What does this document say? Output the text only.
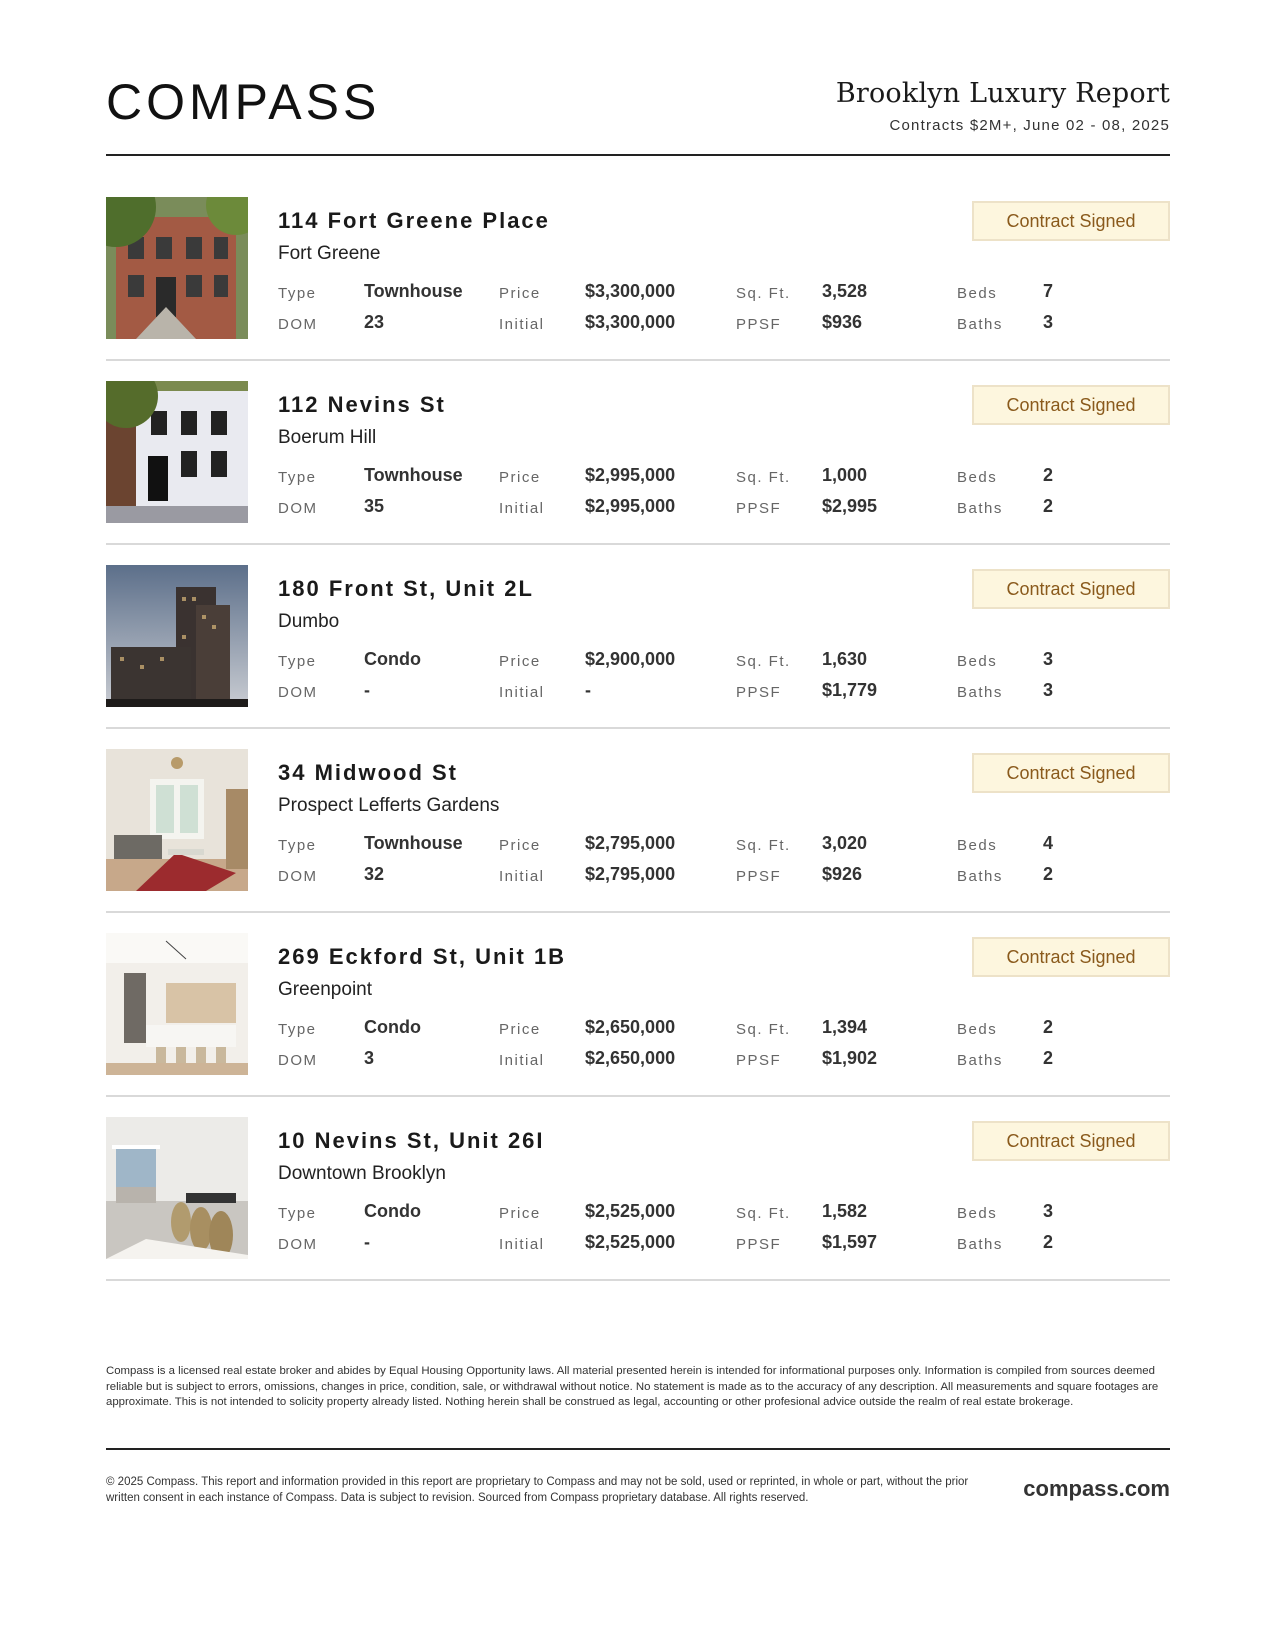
COMPASS	Brooklyn Luxury Report
Contracts $2M+, June 02 - 08, 2025
114 Fort Greene Place
Fort Greene
Contract Signed
Type	Townhouse Price $3,300,000	Sq. Ft. 3,528	Beds	7
DOM	23	Initial $3,300,000	PPSF $936	Baths 3
112 Nevins St
Boerum Hill
Contract Signed
Type	Townhouse Price $2,995,000	Sq. Ft. 1,000	Beds	2
DOM	35	Initial $2,995,000	PPSF $2,995	Baths 2
180 Front St, Unit 2L
Dumbo
Contract Signed
Type	Condo	Price $2,900,000	Sq. Ft. 1,630	Beds	3
DOM	-	Initial -	PPSF $1,779	Baths 3
34 Midwood St
Prospect Lefferts Gardens
Contract Signed
Type	Townhouse Price $2,795,000	Sq. Ft. 3,020	Beds	4
DOM	32	Initial $2,795,000	PPSF $926	Baths 2
269 Eckford St, Unit 1B
Greenpoint
Contract Signed
Type	Condo	Price $2,650,000	Sq. Ft. 1,394	Beds	2
DOM	3	Initial $2,650,000	PPSF $1,902	Baths 2
10 Nevins St, Unit 26I
Downtown Brooklyn
Contract Signed
Type	Condo	Price $2,525,000	Sq. Ft. 1,582	Beds	3
DOM	-	Initial $2,525,000	PPSF $1,597	Baths 2
Compass is a licensed real estate broker and abides by Equal Housing Opportunity laws. All material presented herein is intended for informational purposes only. Information is compiled from sources deemed reliable but is subject to errors, omissions, changes in price, condition, sale, or withdrawal without notice. No statement is made as to the accuracy of any description. All measurements and square footages are approximate. This is not intended to solicity property already listed. Nothing herein shall be construed as legal, accounting or other profesional advice outside the realm of real estate brokerage.
© 2025 Compass. This report and information provided in this report are proprietary to Compass and may not be sold, used or reprinted, in whole or part, without the prior written consent in each instance of Compass. Data is subject to revision. Sourced from Compass proprietary database. All rights reserved.	compass.com
